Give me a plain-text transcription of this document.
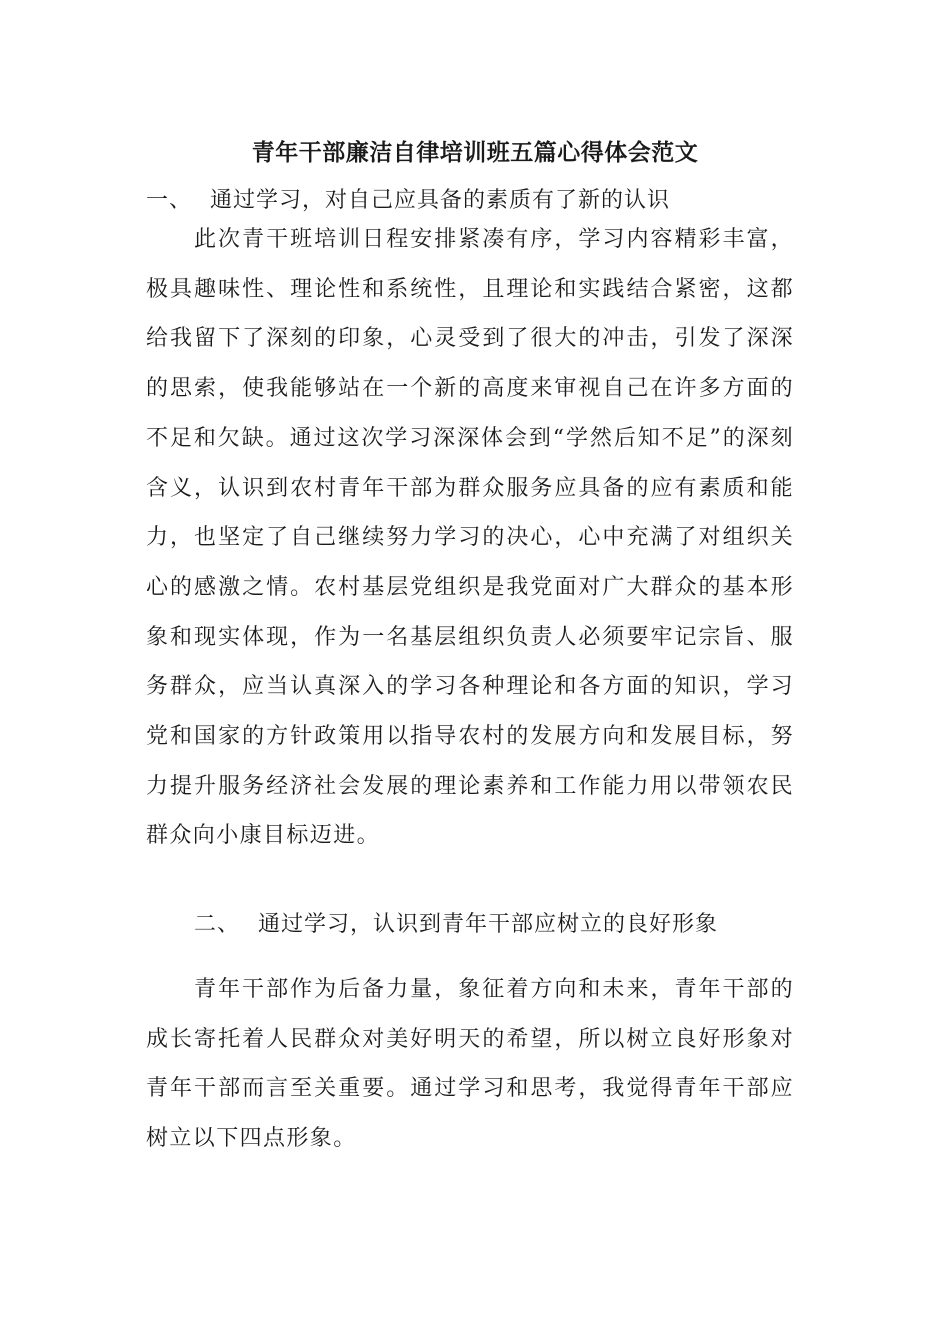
青年干部廉洁自律培训班五篇心得体会范文
一、 通过学习，对自己应具备的素质有了新的认识

此次青干班培训日程安排紧凑有序，学习内容精彩丰富，极具趣味性、理论性和系统性，且理论和实践结合紧密，这都给我留下了深刻的印象，心灵受到了很大的冲击，引发了深深的思索，使我能够站在一个新的高度来审视自己在许多方面的不足和欠缺。通过这次学习深深体会到“学然后知不足”的深刻含义，认识到农村青年干部为群众服务应具备的应有素质和能力，也坚定了自己继续努力学习的决心，心中充满了对组织关心的感激之情。农村基层党组织是我党面对广大群众的基本形象和现实体现，作为一名基层组织负责人必须要牢记宗旨、服务群众，应当认真深入的学习各种理论和各方面的知识，学习党和国家的方针政策用以指导农村的发展方向和发展目标，努力提升服务经济社会发展的理论素养和工作能力用以带领农民群众向小康目标迈进。

二、 通过学习，认识到青年干部应树立的良好形象

青年干部作为后备力量，象征着方向和未来，青年干部的成长寄托着人民群众对美好明天的希望，所以树立良好形象对青年干部而言至关重要。通过学习和思考，我觉得青年干部应树立以下四点形象。
